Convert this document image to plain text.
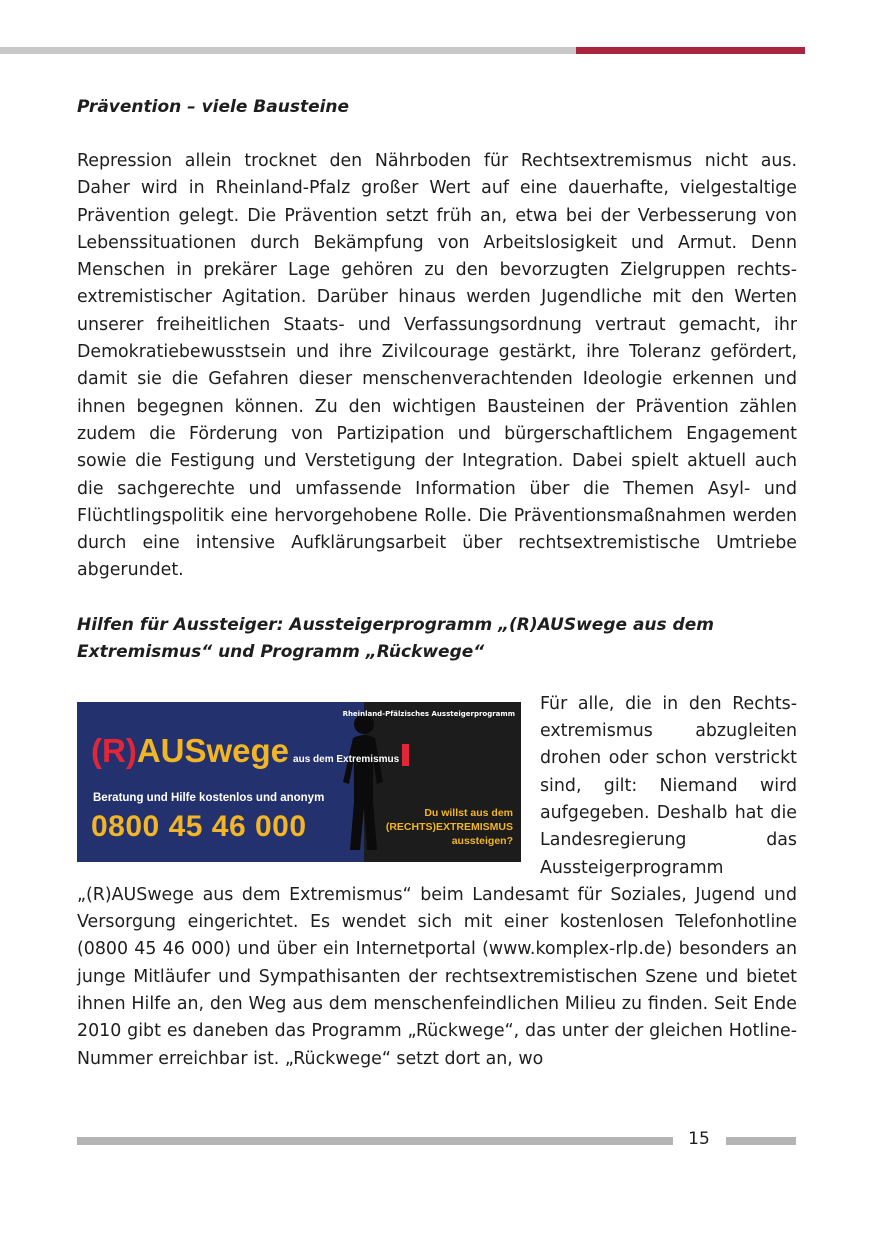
Prävention – viele Bausteine

Repression allein trocknet den Nährboden für Rechtsextremismus nicht aus. Daher wird in Rheinland-Pfalz großer Wert auf eine dauerhafte, vielgestaltige Prävention gelegt. Die Prävention setzt früh an, etwa bei der Verbesserung von Lebenssituationen durch Bekämpfung von Arbeitslosigkeit und Armut. Denn Menschen in prekärer Lage gehören zu den bevorzugten Zielgruppen rechtsextremistischer Agitation. Darüber hinaus werden Jugendliche mit den Werten unserer freiheitlichen Staats- und Verfassungsordnung vertraut gemacht, ihr Demokratiebewusstsein und ihre Zivilcourage gestärkt, ihre Toleranz gefördert, damit sie die Gefahren dieser menschenverachtenden Ideologie erkennen und ihnen begegnen können. Zu den wichtigen Bausteinen der Prävention zählen zudem die Förderung von Partizipation und bürgerschaftlichem Engagement sowie die Festigung und Verstetigung der Integration. Dabei spielt aktuell auch die sachgerechte und umfassende Information über die Themen Asyl- und Flüchtlingspolitik eine hervorgehobene Rolle. Die Präventionsmaßnahmen werden durch eine intensive Aufklärungsarbeit über rechtsextremistische Umtriebe abgerundet.

Hilfen für Aussteiger: Aussteigerprogramm „(R)AUSwege aus dem Extremismus“ und Programm „Rückwege“
Rheinland-Pfälzisches Aussteigerprogramm
(R)AUSwege aus dem Extremismus
Beratung und Hilfe kostenlos und anonym
0800 45 46 000	Du willst aus dem
(RECHTS)EXTREMISMUS
aussteigen?

Für alle, die in den Rechtsextremismus abzugleiten drohen oder schon verstrickt sind, gilt: Niemand wird aufgegeben. Deshalb hat die Landesregierung das Aussteigerprogramm „(R)AUSwege aus dem Extremismus“ beim Landesamt für Soziales, Jugend und Versorgung eingerichtet. Es wendet sich mit einer kostenlosen Telefonhotline (0800 45 46 000) und über ein Internetportal (www.komplex-rlp.de) besonders an junge Mitläufer und Sympathisanten der rechtsextremistischen Szene und bietet ihnen Hilfe an, den Weg aus dem menschenfeindlichen Milieu zu finden. Seit Ende 2010 gibt es daneben das Programm „Rückwege“, das unter der gleichen Hotline-Nummer erreichbar ist. „Rückwege“ setzt dort an, wo

15
